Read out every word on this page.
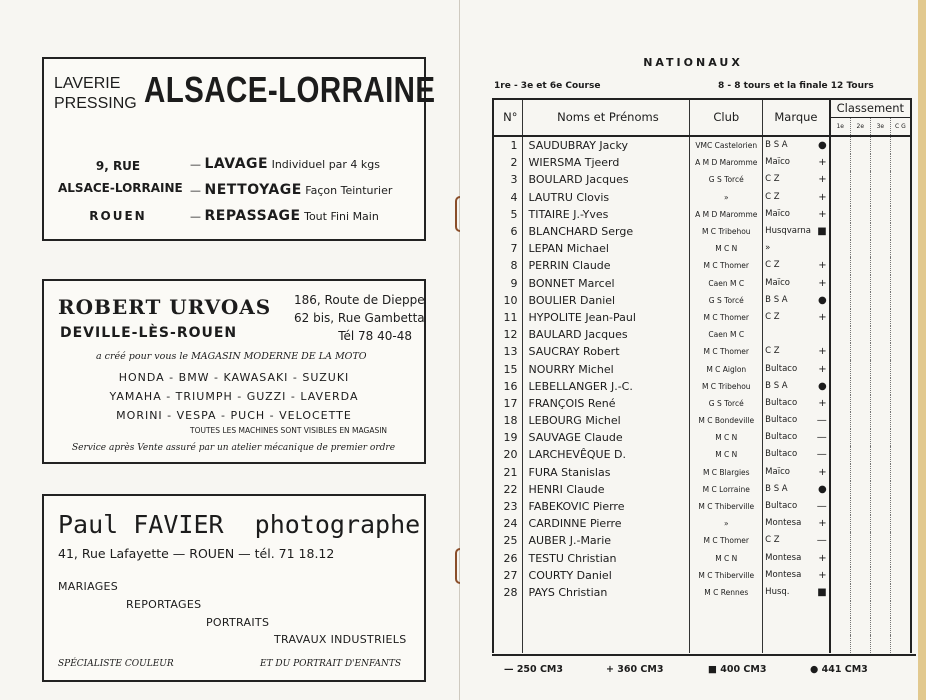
LAVERIE
PRESSING ALSACE-LORRAINE
9, RUE
ALSACE-LORRAINE
ROUEN
— LAVAGE Individuel par 4 kgs
— NETTOYAGE Façon Teinturier
— REPASSAGE Tout Fini Main
ROBERT URVOAS
DEVILLE-LÈS-ROUEN
186, Route de Dieppe
62 bis, Rue Gambetta
Tél 78 40-48
a créé pour vous le MAGASIN MODERNE DE LA MOTO
HONDA - BMW - KAWASAKI - SUZUKI
YAMAHA - TRIUMPH - GUZZI - LAVERDA
MORINI - VESPA - PUCH - VELOCETTE
TOUTES LES MACHINES SONT VISIBLES EN MAGASIN
Service après Vente assuré par un atelier mécanique de premier ordre
Paul FAVIER photographe
41, Rue Lafayette — ROUEN — tél. 71 18.12
MARIAGES
REPORTAGES
PORTRAITS
TRAVAUX INDUSTRIELS
SPÉCIALISTE COULEUR	ET DU PORTRAIT D'ENFANTS
NATIONAUX
1re - 3e et 6e Course	8 - 8 tours et la finale 12 Tours
N°	Noms et Prénoms	Club	Marque	Classement			
				1e	2e	3e	C G
1	SAUDUBRAY Jacky	VMC Castelorien	B S A ●				

2	WIERSMA Tjeerd	A M D Maromme	Maïco +				

3	BOULARD Jacques	G S Torcé	C Z +				

4	LAUTRU Clovis	»	C Z +				

5	TITAIRE J.-Yves	A M D Maromme	Maïco +				

6	BLANCHARD Serge	M C Tribehou	Husqvarna ■				

7	LEPAN Michael	M C N	»

8	PERRIN Claude	M C Thomer	C Z +				

9	BONNET Marcel	Caen M C	Maïco +				

10	BOULIER Daniel	G S Torcé	B S A ●				

11	HYPOLITE Jean-Paul	M C Thomer	C Z +				

12	BAULARD Jacques	Caen M C	

13	SAUCRAY Robert	M C Thomer	C Z +				

15	NOURRY Michel	M C Aiglon	Bultaco +				

16	LEBELLANGER J.-C.	M C Tribehou	B S A ●				

17	FRANÇOIS René	G S Torcé	Bultaco +				

18	LEBOURG Michel	M C Bondeville	Bultaco —				

19	SAUVAGE Claude	M C N	Bultaco —				

20	LARCHEVÊQUE D.	M C N	Bultaco —				

21	FURA Stanislas	M C Blargies	Maïco +				

22	HENRI Claude	M C Lorraine	B S A ●				

23	FABEKOVIC Pierre	M C Thiberville	Bultaco —				

24	CARDINNE Pierre	»	Montesa +				

25	AUBER J.-Marie	M C Thomer	C Z —				

26	TESTU Christian	M C N	Montesa +				

27	COURTY Daniel	M C Thiberville	Montesa +				

28	PAYS Christian	M C Rennes	Husq. ■				

— 250 CM3	+ 360 CM3	■ 400 CM3	● 441 CM3
